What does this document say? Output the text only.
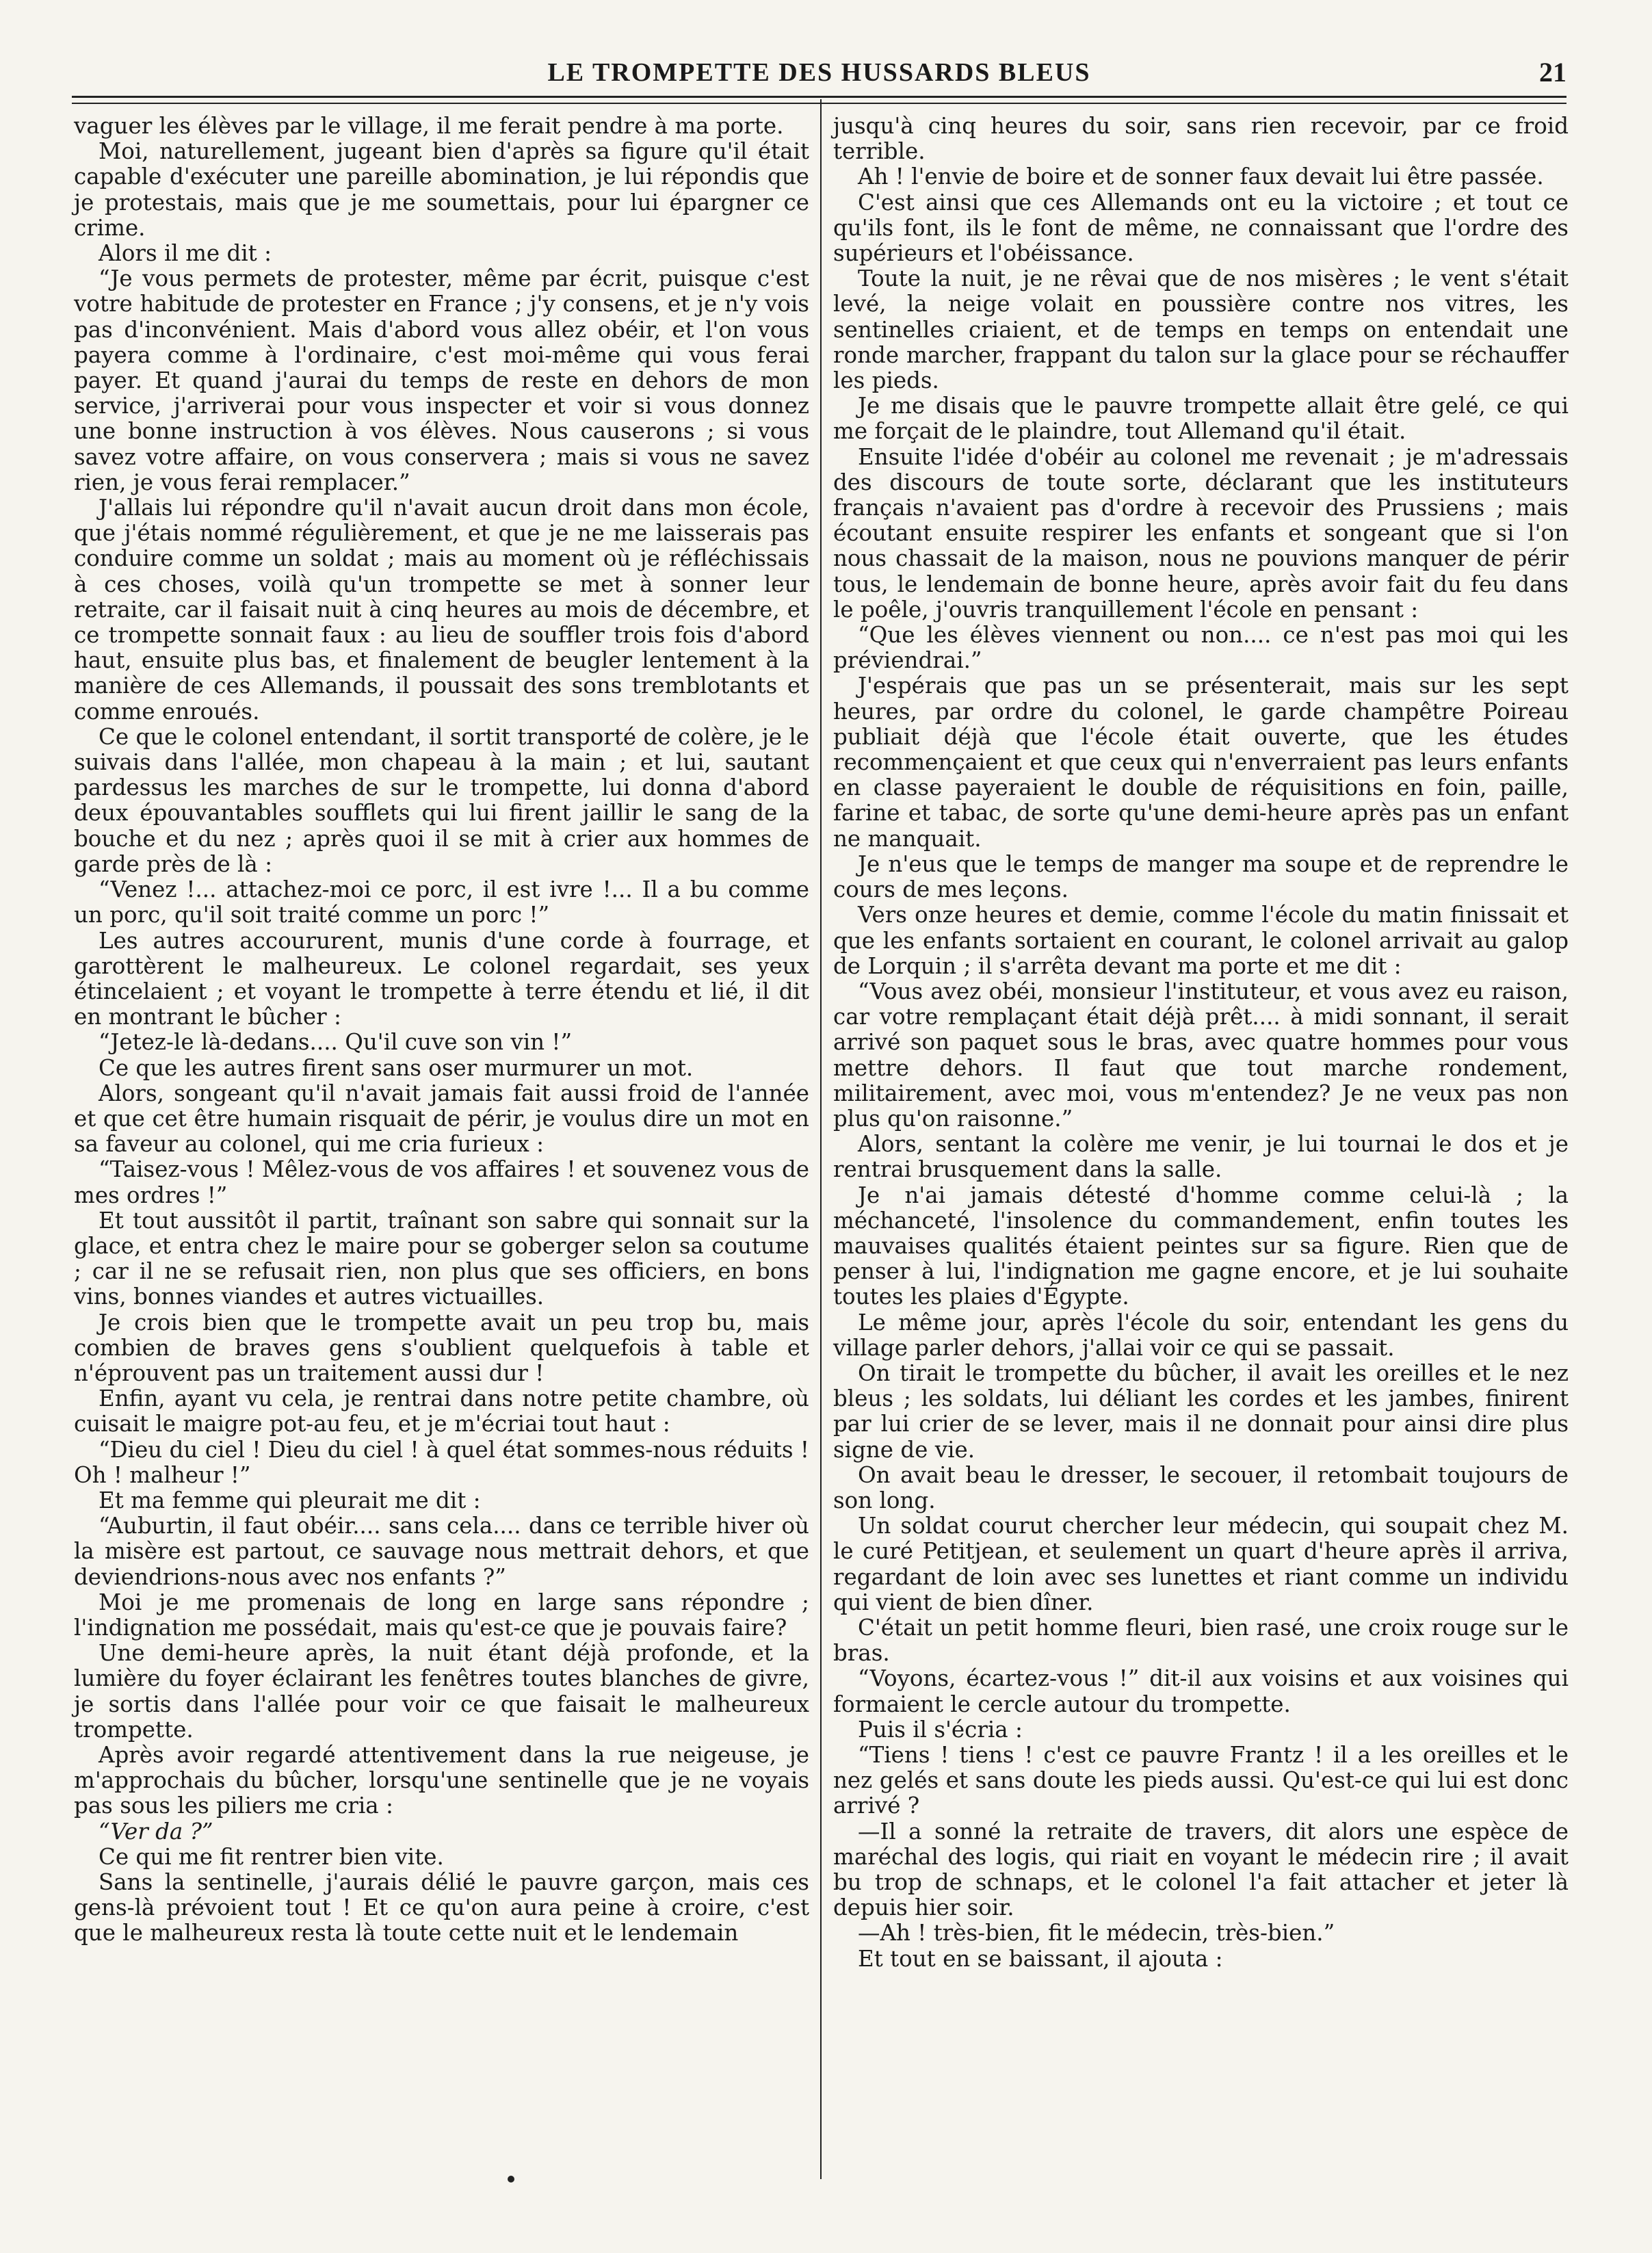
LE TROMPETTE DES HUSSARDS BLEUS	21

vaguer les élèves par le village, il me ferait pendre à ma porte.

Moi, naturellement, jugeant bien d'après sa figure qu'il était capable d'exécuter une pareille abomination, je lui répondis que je protestais, mais que je me soumettais, pour lui épargner ce crime.

Alors il me dit :

“Je vous permets de protester, même par écrit, puisque c'est votre habitude de protester en France ; j'y consens, et je n'y vois pas d'inconvénient. Mais d'abord vous allez obéir, et l'on vous payera comme à l'ordinaire, c'est moi-même qui vous ferai payer. Et quand j'aurai du temps de reste en dehors de mon service, j'arriverai pour vous inspecter et voir si vous donnez une bonne instruction à vos élèves. Nous causerons ; si vous savez votre affaire, on vous conservera ; mais si vous ne savez rien, je vous ferai remplacer.”

J'allais lui répondre qu'il n'avait aucun droit dans mon école, que j'étais nommé régulièrement, et que je ne me laisserais pas conduire comme un soldat ; mais au moment où je réfléchissais à ces choses, voilà qu'un trompette se met à sonner leur retraite, car il faisait nuit à cinq heures au mois de décembre, et ce trompette sonnait faux : au lieu de souffler trois fois d'abord haut, ensuite plus bas, et finalement de beugler lentement à la manière de ces Allemands, il poussait des sons tremblotants et comme enroués.

Ce que le colonel entendant, il sortit transporté de colère, je le suivais dans l'allée, mon chapeau à la main ; et lui, sautant pardessus les marches de sur le trompette, lui donna d'abord deux épouvantables soufflets qui lui firent jaillir le sang de la bouche et du nez ; après quoi il se mit à crier aux hommes de garde près de là :

“Venez !... attachez-moi ce porc, il est ivre !... Il a bu comme un porc, qu'il soit traité comme un porc !”

Les autres accoururent, munis d'une corde à fourrage, et garottèrent le malheureux. Le colonel regardait, ses yeux étincelaient ; et voyant le trompette à terre étendu et lié, il dit en montrant le bûcher :

“Jetez-le là-dedans.... Qu'il cuve son vin !”

Ce que les autres firent sans oser murmurer un mot.

Alors, songeant qu'il n'avait jamais fait aussi froid de l'année et que cet être humain risquait de périr, je voulus dire un mot en sa faveur au colonel, qui me cria furieux :

“Taisez-vous ! Mêlez-vous de vos affaires ! et souvenez vous de mes ordres !”

Et tout aussitôt il partit, traînant son sabre qui sonnait sur la glace, et entra chez le maire pour se goberger selon sa coutume ; car il ne se refusait rien, non plus que ses officiers, en bons vins, bonnes viandes et autres victuailles.

Je crois bien que le trompette avait un peu trop bu, mais combien de braves gens s'oublient quelquefois à table et n'éprouvent pas un traitement aussi dur !

Enfin, ayant vu cela, je rentrai dans notre petite chambre, où cuisait le maigre pot-au feu, et je m'écriai tout haut :

“Dieu du ciel ! Dieu du ciel ! à quel état sommes-nous réduits ! Oh ! malheur !”

Et ma femme qui pleurait me dit :

“Auburtin, il faut obéir.... sans cela.... dans ce terrible hiver où la misère est partout, ce sauvage nous mettrait dehors, et que deviendrions-nous avec nos enfants ?”

Moi je me promenais de long en large sans répondre ; l'indignation me possédait, mais qu'est-ce que je pouvais faire?

Une demi-heure après, la nuit étant déjà profonde, et la lumière du foyer éclairant les fenêtres toutes blanches de givre, je sortis dans l'allée pour voir ce que faisait le malheureux trompette.

Après avoir regardé attentivement dans la rue neigeuse, je m'approchais du bûcher, lorsqu'une sentinelle que je ne voyais pas sous les piliers me cria :

“Ver da ?”

Ce qui me fit rentrer bien vite.

Sans la sentinelle, j'aurais délié le pauvre garçon, mais ces gens-là prévoient tout ! Et ce qu'on aura peine à croire, c'est que le malheureux resta là toute cette nuit et le lendemain

jusqu'à cinq heures du soir, sans rien recevoir, par ce froid terrible.

Ah ! l'envie de boire et de sonner faux devait lui être passée.

C'est ainsi que ces Allemands ont eu la victoire ; et tout ce qu'ils font, ils le font de même, ne connaissant que l'ordre des supérieurs et l'obéissance.

Toute la nuit, je ne rêvai que de nos misères ; le vent s'était levé, la neige volait en poussière contre nos vitres, les sentinelles criaient, et de temps en temps on entendait une ronde marcher, frappant du talon sur la glace pour se réchauffer les pieds.

Je me disais que le pauvre trompette allait être gelé, ce qui me forçait de le plaindre, tout Allemand qu'il était.

Ensuite l'idée d'obéir au colonel me revenait ; je m'adressais des discours de toute sorte, déclarant que les instituteurs français n'avaient pas d'ordre à recevoir des Prussiens ; mais écoutant ensuite respirer les enfants et songeant que si l'on nous chassait de la maison, nous ne pouvions manquer de périr tous, le lendemain de bonne heure, après avoir fait du feu dans le poêle, j'ouvris tranquillement l'école en pensant :

“Que les élèves viennent ou non.... ce n'est pas moi qui les préviendrai.”

J'espérais que pas un se présenterait, mais sur les sept heures, par ordre du colonel, le garde champêtre Poireau publiait déjà que l'école était ouverte, que les études recommençaient et que ceux qui n'enverraient pas leurs enfants en classe payeraient le double de réquisitions en foin, paille, farine et tabac, de sorte qu'une demi-heure après pas un enfant ne manquait.

Je n'eus que le temps de manger ma soupe et de reprendre le cours de mes leçons.

Vers onze heures et demie, comme l'école du matin finissait et que les enfants sortaient en courant, le colonel arrivait au galop de Lorquin ; il s'arrêta devant ma porte et me dit :

“Vous avez obéi, monsieur l'instituteur, et vous avez eu raison, car votre remplaçant était déjà prêt.... à midi sonnant, il serait arrivé son paquet sous le bras, avec quatre hommes pour vous mettre dehors. Il faut que tout marche rondement, militairement, avec moi, vous m'entendez? Je ne veux pas non plus qu'on raisonne.”

Alors, sentant la colère me venir, je lui tournai le dos et je rentrai brusquement dans la salle.

Je n'ai jamais détesté d'homme comme celui-là ; la méchanceté, l'insolence du commandement, enfin toutes les mauvaises qualités étaient peintes sur sa figure. Rien que de penser à lui, l'indignation me gagne encore, et je lui souhaite toutes les plaies d'Égypte.

Le même jour, après l'école du soir, entendant les gens du village parler dehors, j'allai voir ce qui se passait.

On tirait le trompette du bûcher, il avait les oreilles et le nez bleus ; les soldats, lui déliant les cordes et les jambes, finirent par lui crier de se lever, mais il ne donnait pour ainsi dire plus signe de vie.

On avait beau le dresser, le secouer, il retombait toujours de son long.

Un soldat courut chercher leur médecin, qui soupait chez M. le curé Petitjean, et seulement un quart d'heure après il arriva, regardant de loin avec ses lunettes et riant comme un individu qui vient de bien dîner.

C'était un petit homme fleuri, bien rasé, une croix rouge sur le bras.

“Voyons, écartez-vous !” dit-il aux voisins et aux voisines qui formaient le cercle autour du trompette.

Puis il s'écria :

“Tiens ! tiens ! c'est ce pauvre Frantz ! il a les oreilles et le nez gelés et sans doute les pieds aussi. Qu'est-ce qui lui est donc arrivé ?

—Il a sonné la retraite de travers, dit alors une espèce de maréchal des logis, qui riait en voyant le médecin rire ; il avait bu trop de schnaps, et le colonel l'a fait attacher et jeter là depuis hier soir.

—Ah ! très-bien, fit le médecin, très-bien.”

Et tout en se baissant, il ajouta :
